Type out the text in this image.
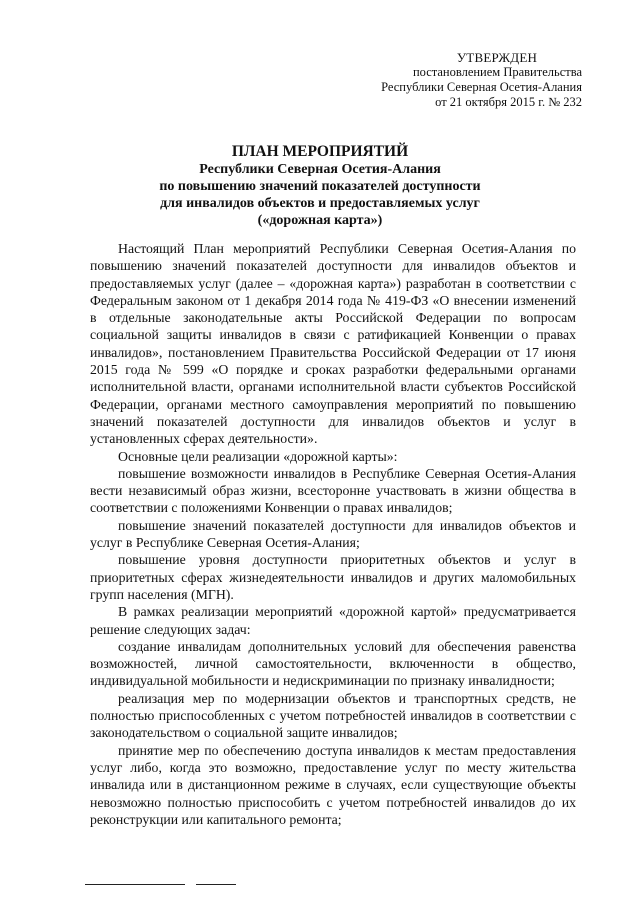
УТВЕРЖДЕН
постановлением Правительства
Республики Северная Осетия-Алания
от 21 октября 2015 г. № 232
ПЛАН МЕРОПРИЯТИЙ
Республики Северная Осетия-Алания
по повышению значений показателей доступности
для инвалидов объектов и предоставляемых услуг
(«дорожная карта»)

Настоящий План мероприятий Республики Северная Осетия-Алания по повышению значений показателей доступности для инвалидов объектов и предоставляемых услуг (далее – «дорожная карта») разработан в соответствии с Федеральным законом от 1 декабря 2014 года № 419-ФЗ «О внесении изменений в отдельные законодательные акты Российской Федерации по вопросам социальной защиты инвалидов в связи с ратификацией Конвенции о правах инвалидов», постановлением Правительства Российской Федерации от 17 июня 2015 года № 599 «О порядке и сроках разработки федеральными органами исполнительной власти, органами исполнительной власти субъектов Российской Федерации, органами местного самоуправления мероприятий по повышению значений показателей доступности для инвалидов объектов и услуг в установленных сферах деятельности».

Основные цели реализации «дорожной карты»:

повышение возможности инвалидов в Республике Северная Осетия-Алания вести независимый образ жизни, всесторонне участвовать в жизни общества в соответствии с положениями Конвенции о правах инвалидов;

повышение значений показателей доступности для инвалидов объектов и услуг в Республике Северная Осетия-Алания;

повышение уровня доступности приоритетных объектов и услуг в приоритетных сферах жизнедеятельности инвалидов и других маломобильных групп населения (МГН).

В рамках реализации мероприятий «дорожной картой» предусматривается решение следующих задач:

создание инвалидам дополнительных условий для обеспечения равенства возможностей, личной самостоятельности, включенности в общество, индивидуальной мобильности и недискриминации по признаку инвалидности;

реализация мер по модернизации объектов и транспортных средств, не полностью приспособленных с учетом потребностей инвалидов в соответствии с законодательством о социальной защите инвалидов;

принятие мер по обеспечению доступа инвалидов к местам предоставления услуг либо, когда это возможно, предоставление услуг по месту жительства инвалида или в дистанционном режиме в случаях, если существующие объекты невозможно полностью приспособить с учетом потребностей инвалидов до их реконструкции или капитального ремонта;
